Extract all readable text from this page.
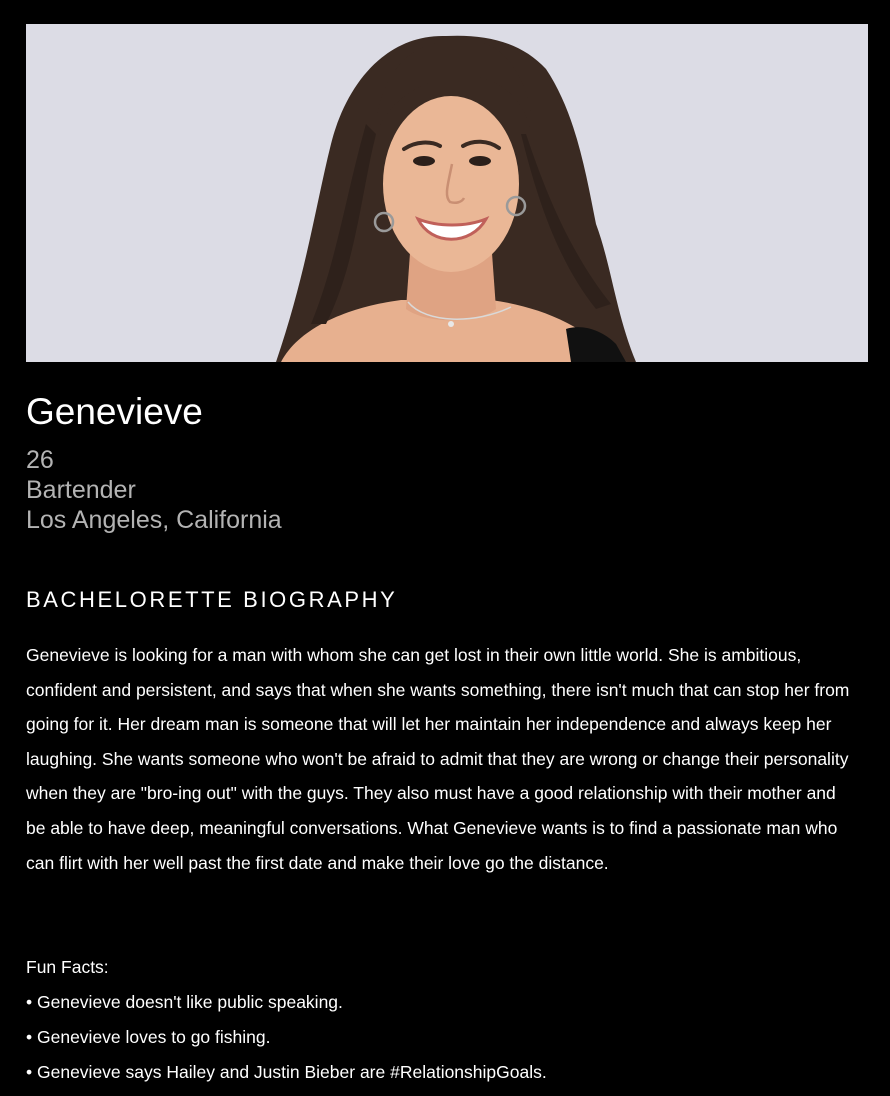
Genevieve
26
Bartender
Los Angeles, California
BACHELORETTE BIOGRAPHY

Genevieve is looking for a man with whom she can get lost in their own little world. She is ambitious, confident and persistent, and says that when she wants something, there isn't much that can stop her from going for it. Her dream man is someone that will let her maintain her independence and always keep her laughing. She wants someone who won't be afraid to admit that they are wrong or change their personality when they are "bro-ing out" with the guys. They also must have a good relationship with their mother and be able to have deep, meaningful conversations. What Genevieve wants is to find a passionate man who can flirt with her well past the first date and make their love go the distance.

Fun Facts:
• Genevieve doesn't like public speaking.
• Genevieve loves to go fishing.
• Genevieve says Hailey and Justin Bieber are #RelationshipGoals.
